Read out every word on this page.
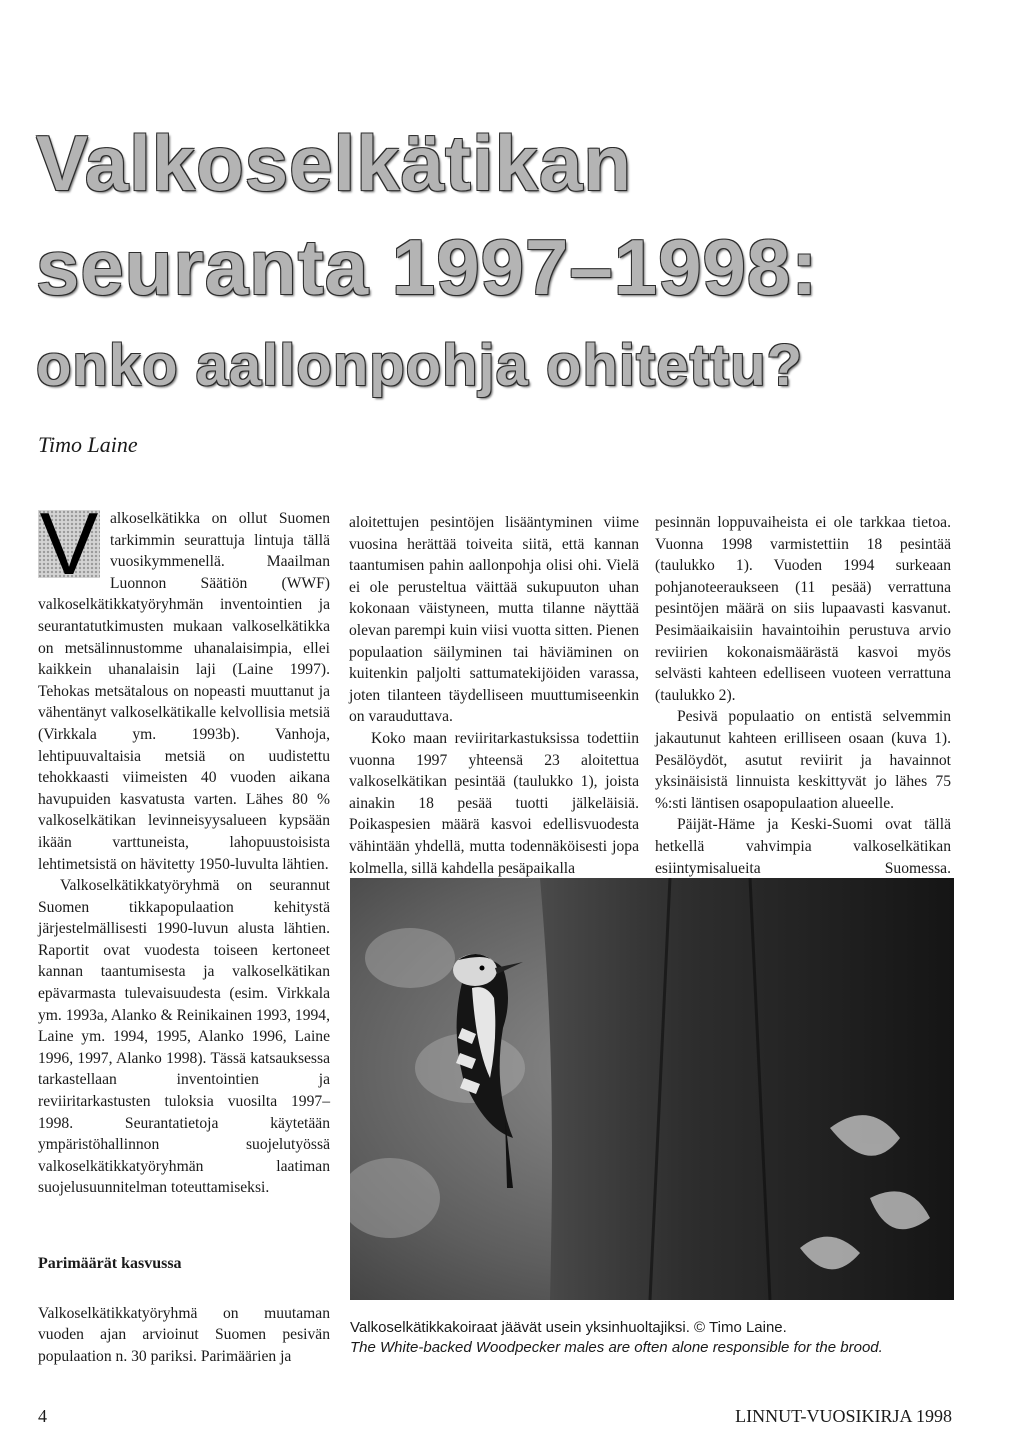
Valkoselkätikan
seuranta 1997–1998:
onko aallonpohja ohitettu?
Timo Laine
V alkoselkätikka on ollut Suomen tarkimmin seurattuja lintuja tällä vuosikymmenellä. Maailman Luonnon Säätiön (WWF) valkoselkätikkatyöryhmän inventointien ja seurantatutkimusten mukaan valkoselkätikka on metsälinnustomme uhanalaisimpia, ellei kaikkein uhanalaisin laji (Laine 1997). Tehokas metsätalous on nopeasti muuttanut ja vähentänyt valkoselkätikalle kelvollisia metsiä (Virkkala ym. 1993b). Vanhoja, lehtipuuvaltaisia metsiä on uudistettu tehokkaasti viimeisten 40 vuoden aikana havupuiden kasvatusta varten. Lähes 80 % valkoselkätikan levinneisyysalueen kypsään ikään varttuneista, lahopuustoisista lehtimetsistä on hävitetty 1950-luvulta lähtien.

Valkoselkätikkatyöryhmä on seurannut Suomen tikkapopulaation kehitystä järjestelmällisesti 1990-luvun alusta lähtien. Raportit ovat vuodesta toiseen kertoneet kannan taantumisesta ja valkoselkätikan epävarmasta tulevaisuudesta (esim. Virkkala ym. 1993a, Alanko & Reinikainen 1993, 1994, Laine ym. 1994, 1995, Alanko 1996, Laine 1996, 1997, Alanko 1998). Tässä katsauksessa tarkastellaan inventointien ja reviiritarkastusten tuloksia vuosilta 1997–1998. Seurantatietoja käytetään ympäristöhallinnon suojelutyössä valkoselkätikkatyöryhmän laatiman suojelusuunnitelman toteuttamiseksi.

Parimäärät kasvussa

Valkoselkätikkatyöryhmä on muutaman vuoden ajan arvioinut Suomen pesivän populaation n. 30 pariksi. Parimäärien ja

aloitettujen pesintöjen lisääntyminen viime vuosina herättää toiveita siitä, että kannan taantumisen pahin aallonpohja olisi ohi. Vielä ei ole perusteltua väittää sukupuuton uhan kokonaan väistyneen, mutta tilanne näyttää olevan parempi kuin viisi vuotta sitten. Pienen populaation säilyminen tai häviäminen on kuitenkin paljolti sattumatekijöiden varassa, joten tilanteen täydelliseen muuttumiseenkin on varauduttava.

Koko maan reviiritarkastuksissa todettiin vuonna 1997 yhteensä 23 aloitettua valkoselkätikan pesintää (taulukko 1), joista ainakin 18 pesää tuotti jälkeläisiä. Poikaspesien määrä kasvoi edellisvuodesta vähintään yhdellä, mutta todennäköisesti jopa kolmella, sillä kahdella pesäpaikalla

pesinnän loppuvaiheista ei ole tarkkaa tietoa. Vuonna 1998 varmistettiin 18 pesintää (taulukko 1). Vuoden 1994 surkeaan pohjanoteeraukseen (11 pesää) verrattuna pesintöjen määrä on siis lupaavasti kasvanut. Pesimäaikaisiin havaintoihin perustuva arvio reviirien kokonaismäärästä kasvoi myös selvästi kahteen edelliseen vuoteen verrattuna (taulukko 2).

Pesivä populaatio on entistä selvemmin jakautunut kahteen erilliseen osaan (kuva 1). Pesälöydöt, asutut reviirit ja havainnot yksinäisistä linnuista keskittyvät jo lähes 75 %:sti läntisen osapopulaation alueelle.

Päijät-Häme ja Keski-Suomi ovat tällä hetkellä vahvimpia valkoselkätikan esiintymisalueita Suomessa.

Valkoselkätikkakoiraat jäävät usein yksinhuoltajiksi. © Timo Laine.
The White-backed Woodpecker males are often alone responsible for the brood.
4	LINNUT-VUOSIKIRJA 1998
